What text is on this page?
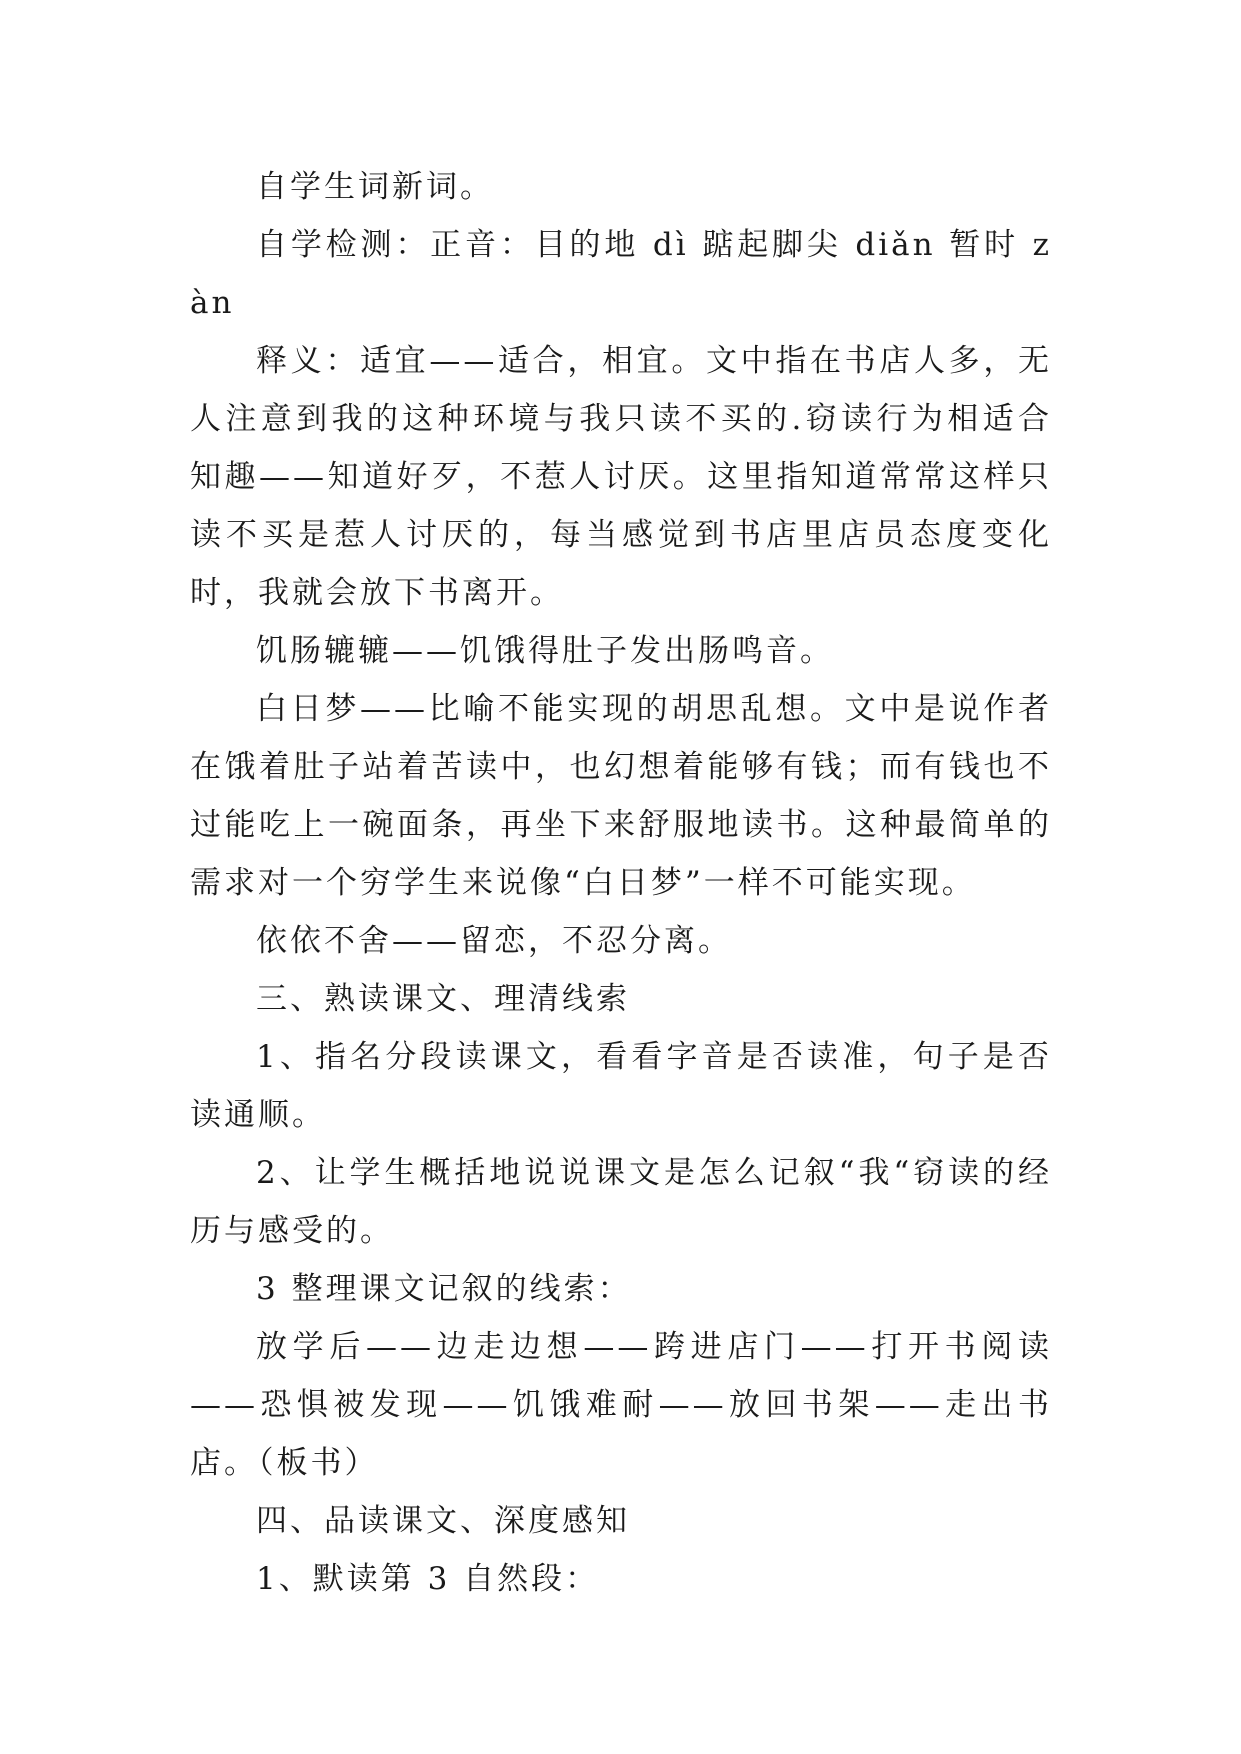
自学生词新词。

自学检测：正音：目的地 dì 踮起脚尖 diǎn 暂时 zàn

释义：适宜——适合，相宜。文中指在书店人多，无人注意到我的这种环境与我只读不买的.窃读行为相适合知趣——知道好歹，不惹人讨厌。这里指知道常常这样只读不买是惹人讨厌的，每当感觉到书店里店员态度变化时，我就会放下书离开。

饥肠辘辘——饥饿得肚子发出肠鸣音。

白日梦——比喻不能实现的胡思乱想。文中是说作者在饿着肚子站着苦读中，也幻想着能够有钱；而有钱也不过能吃上一碗面条，再坐下来舒服地读书。这种最简单的需求对一个穷学生来说像“白日梦”一样不可能实现。

依依不舍——留恋，不忍分离。

三、熟读课文、理清线索

1、指名分段读课文，看看字音是否读准，句子是否读通顺。

2、让学生概括地说说课文是怎么记叙“我“窃读的经历与感受的。

3 整理课文记叙的线索：

放学后——边走边想——跨进店门——打开书阅读——恐惧被发现——饥饿难耐——放回书架——走出书店。（板书）

四、品读课文、深度感知

1、默读第 3 自然段：
